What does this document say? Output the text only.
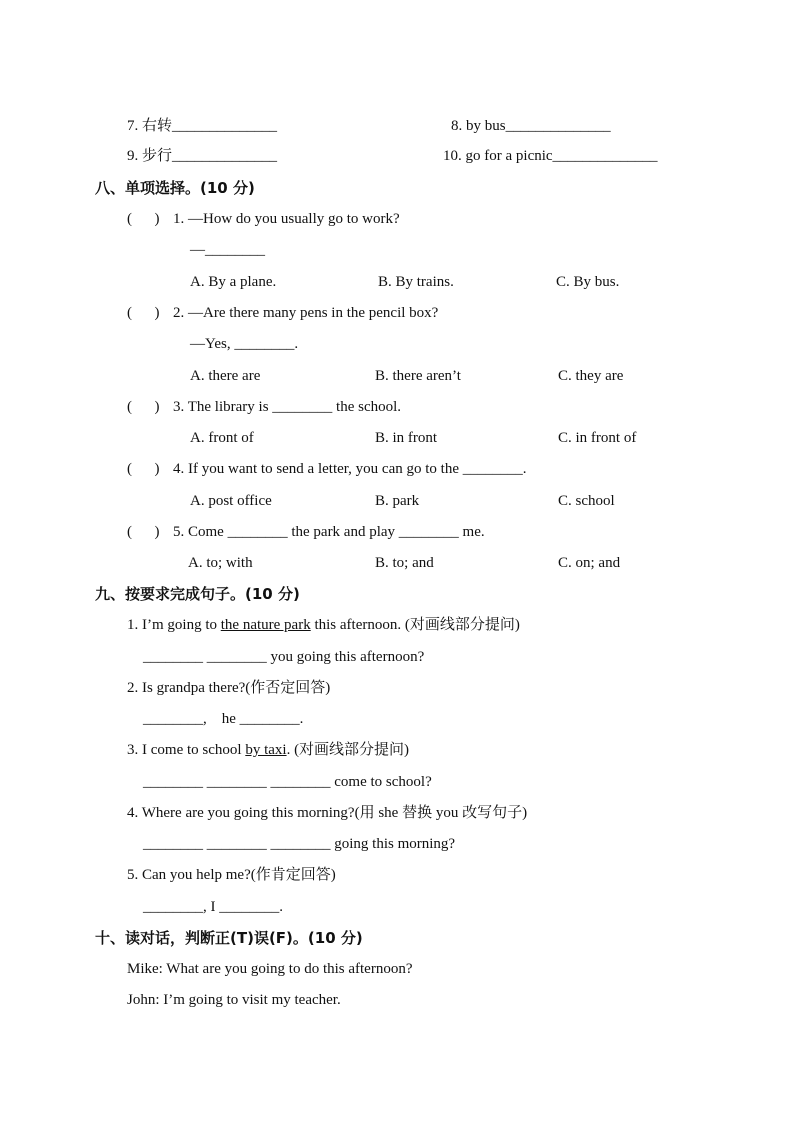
7. 右转______________	8. by bus______________
9. 步行______________	10. go for a picnic______________
八、单项选择。(10 分)
(      ) 1. —How do you usually go to work?
—________
A. By a plane.	B. By trains.	C. By bus.
(      ) 2. —Are there many pens in the pencil box?
—Yes, ________.
A. there are	B. there aren’t	C. they are
(      ) 3. The library is ________ the school.
A. front of	B. in front	C. in front of
(      ) 4. If you want to send a letter, you can go to the ________.
A. post office	B. park	C. school
(      ) 5. Come ________ the park and play ________ me.
A. to; with	B. to; and	C. on; and
九、按要求完成句子。(10 分)
1. I’m going to the nature park this afternoon. (对画线部分提问)
________ ________ you going this afternoon?
2. Is grandpa there?(作否定回答)
________,    he ________.
3. I come to school by taxi. (对画线部分提问)
________ ________ ________ come to school?
4. Where are you going this morning?(用 she 替换 you 改写句子)
________ ________ ________ going this morning?
5. Can you help me?(作肯定回答)
________, I ________.
十、读对话，判断正(T)误(F)。(10 分)
Mike: What are you going to do this afternoon?
John: I’m going to visit my teacher.
